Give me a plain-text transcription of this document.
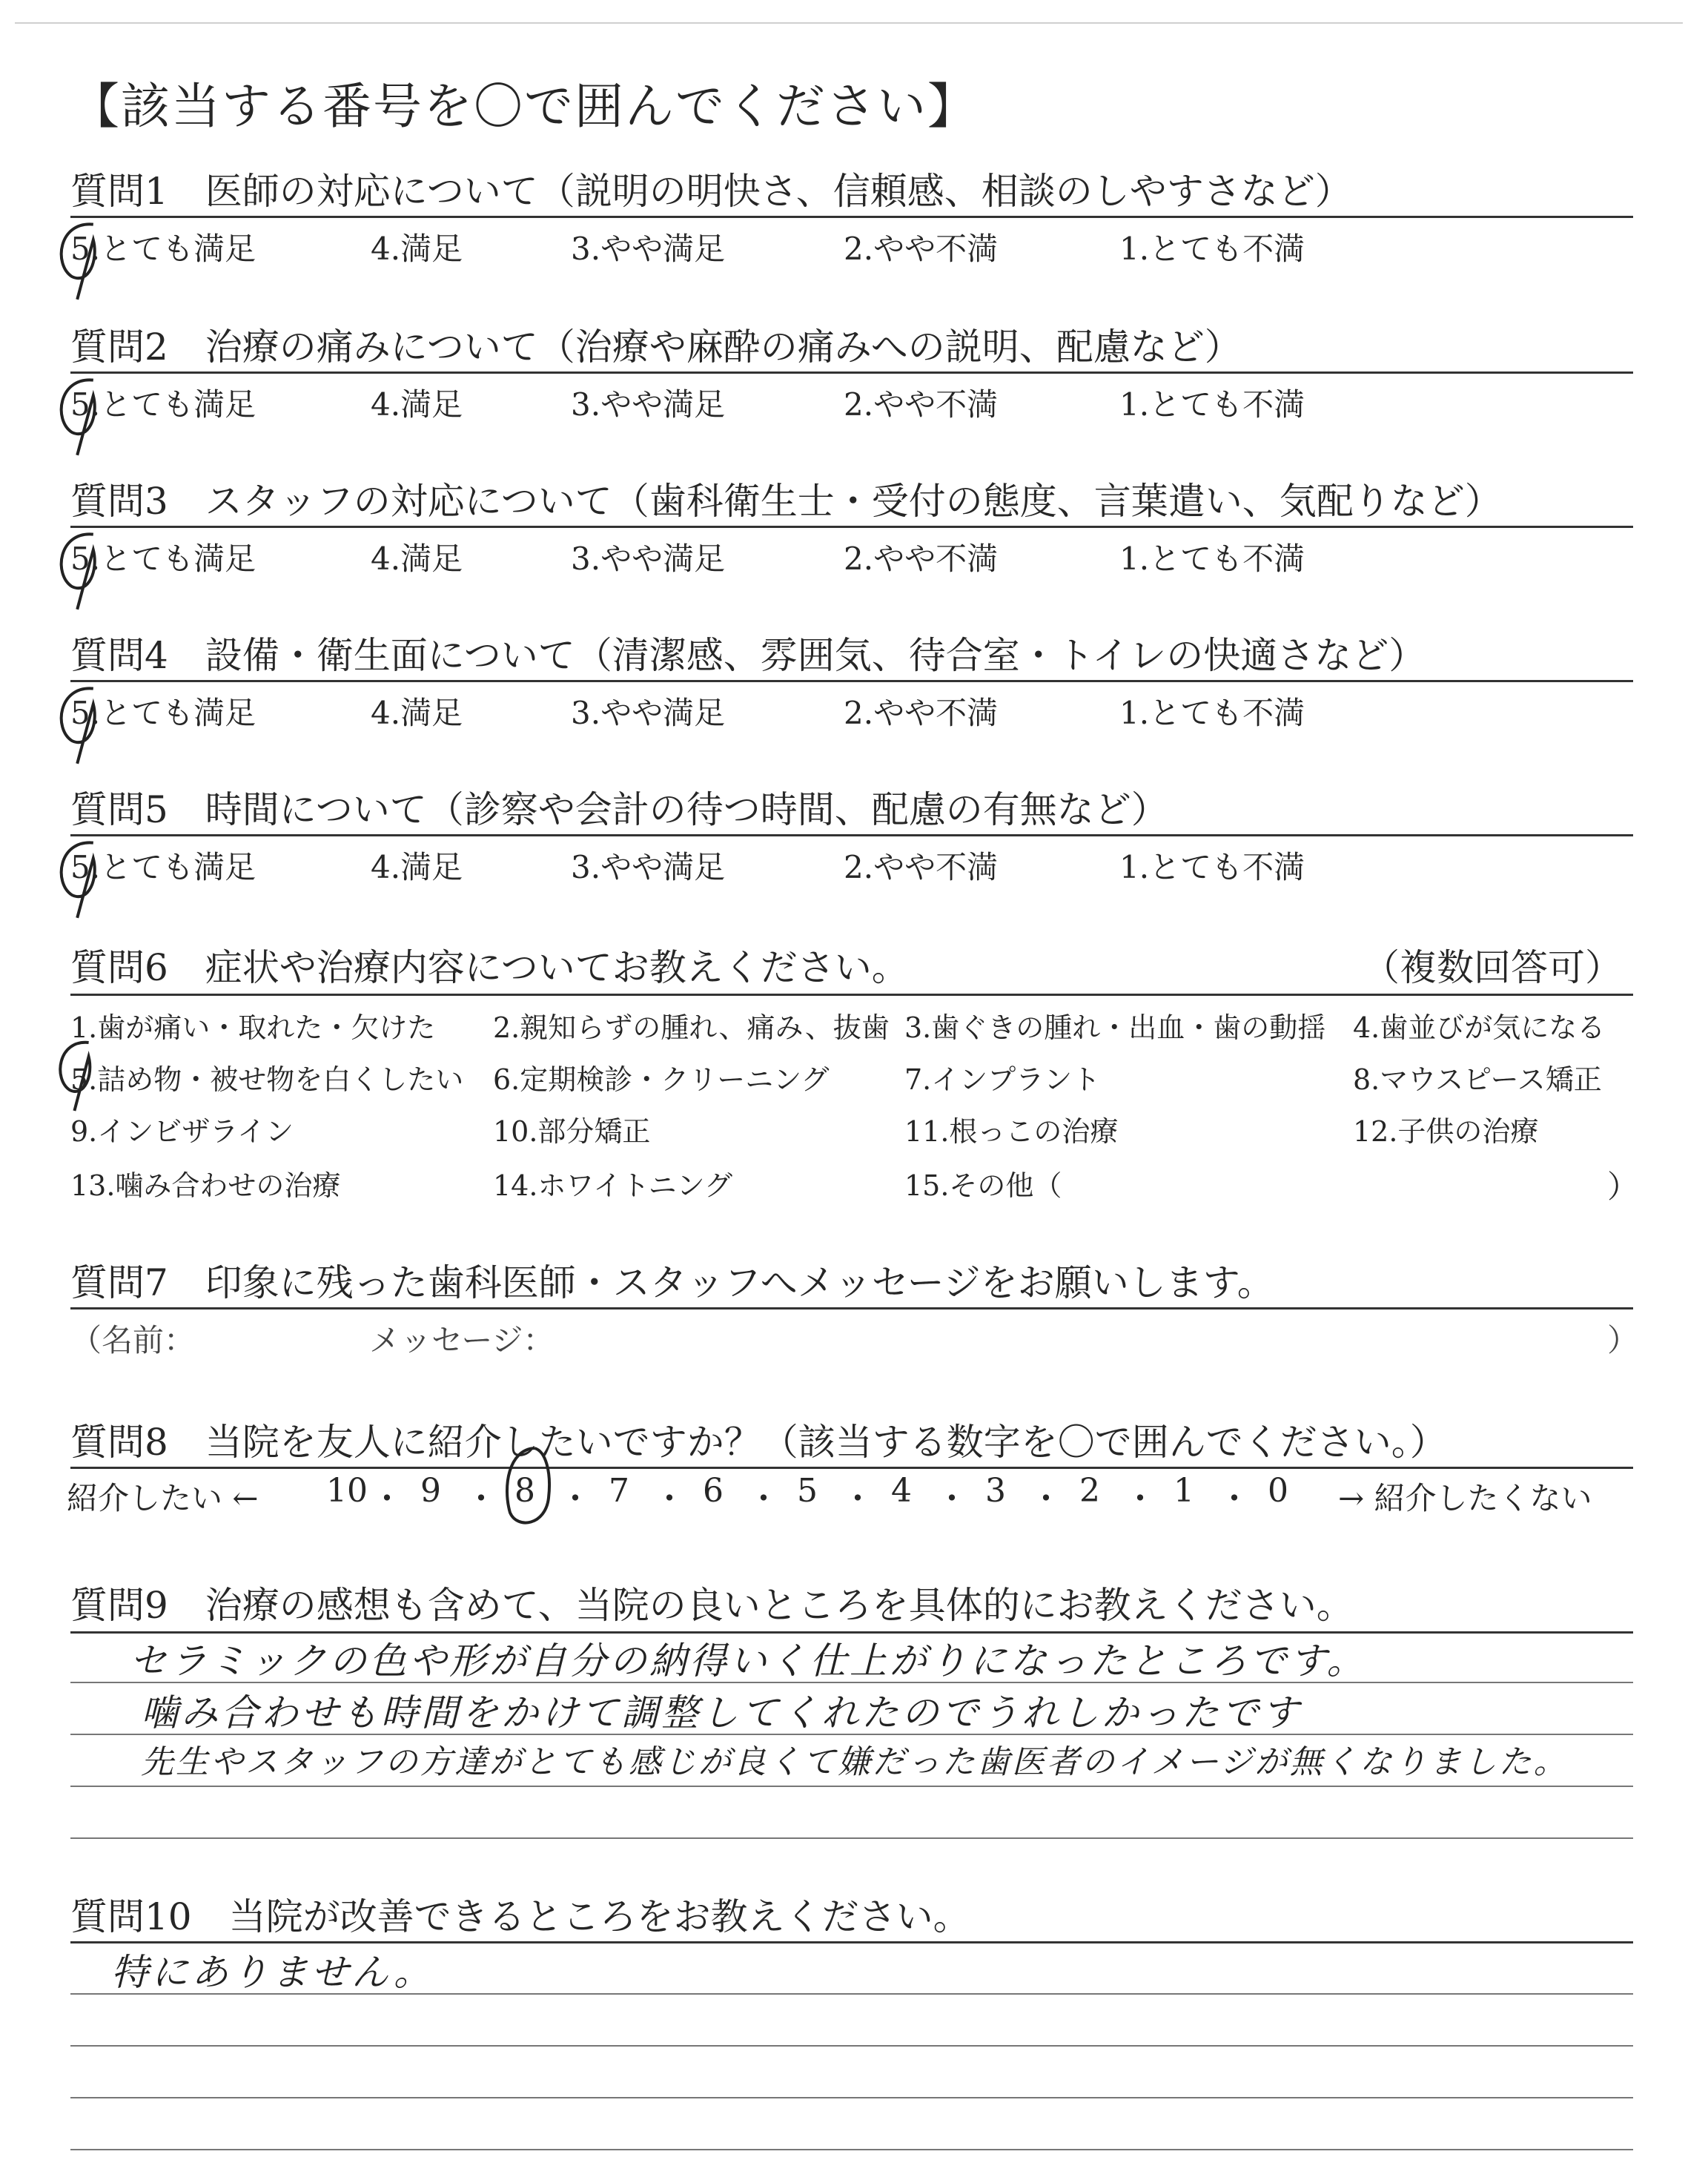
【該当する番号を〇で囲んでください】
質問1　医師の対応について（説明の明快さ、信頼感、相談のしやすさなど）
5.とても満足	4.満足	3.やや満足	2.やや不満	1.とても不満
質問2　治療の痛みについて（治療や麻酔の痛みへの説明、配慮など）
5.とても満足	4.満足	3.やや満足	2.やや不満	1.とても不満
質問3　スタッフの対応について（歯科衛生士・受付の態度、言葉遣い、気配りなど）
5.とても満足	4.満足	3.やや満足	2.やや不満	1.とても不満
質問4　設備・衛生面について（清潔感、雰囲気、待合室・トイレの快適さなど）
5.とても満足	4.満足	3.やや満足	2.やや不満	1.とても不満
質問5　時間について（診察や会計の待つ時間、配慮の有無など）
5.とても満足	4.満足	3.やや満足	2.やや不満	1.とても不満
質問6　症状や治療内容についてお教えください。	（複数回答可）
1.歯が痛い・取れた・欠けた 2.親知らずの腫れ、痛み、抜歯 3.歯ぐきの腫れ・出血・歯の動揺 4.歯並びが気になる
5.詰め物・被せ物を白くしたい 6.定期検診・クリーニング	7.インプラント	8.マウスピース矯正
9.インビザライン	10.部分矯正	11.根っこの治療	12.子供の治療
13.噛み合わせの治療	14.ホワイトニング	15.その他（	）
質問7　印象に残った歯科医師・スタッフへメッセージをお願いします。
（名前：	メッセージ：	）
質問8　当院を友人に紹介したいですか？（該当する数字を〇で囲んでください。）
紹介したい ←	→ 紹介したくない
10 ・ 9 ・ 8 ・ 7 ・ 6 ・ 5 ・ 4 ・ 3 ・ 2 ・ 1 ・ 0
質問9　治療の感想も含めて、当院の良いところを具体的にお教えください。
セラミックの色や形が自分の納得いく仕上がりになったところです。
噛み合わせも時間をかけて調整してくれたのでうれしかったです
先生やスタッフの方達がとても感じが良くて嫌だった歯医者のイメージが無くなりました。
質問10　当院が改善できるところをお教えください。
特にありません。
